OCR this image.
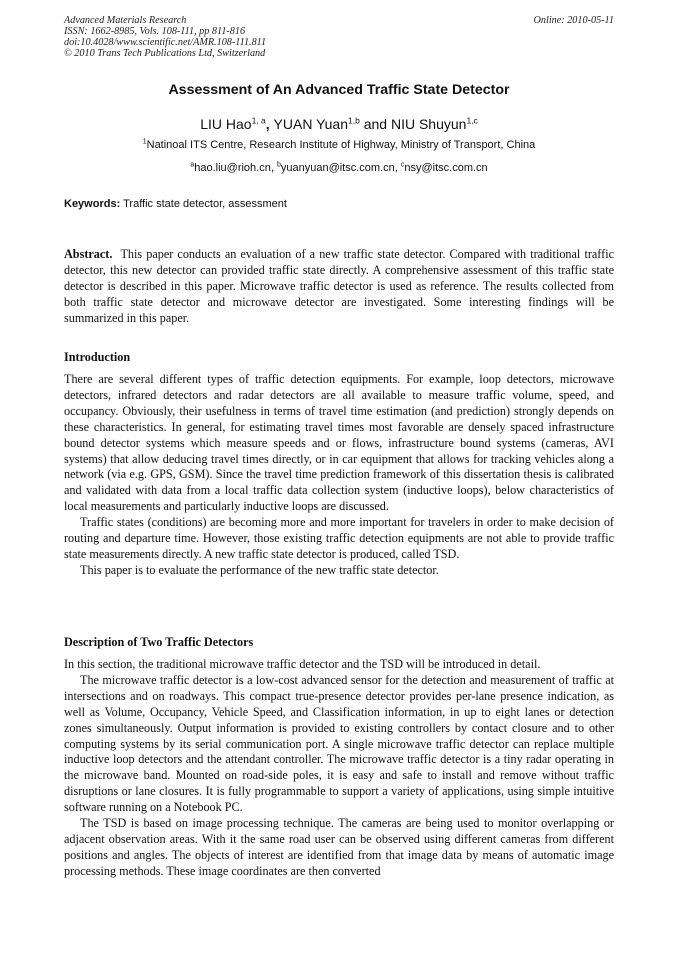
Advanced Materials Research
ISSN: 1662-8985, Vols. 108-111, pp 811-816
doi:10.4028/www.scientific.net/AMR.108-111.811
© 2010 Trans Tech Publications Ltd, Switzerland
Online: 2010-05-11
Assessment of An Advanced Traffic State Detector
LIU Hao$^{1, a}$, YUAN Yuan$^{1,b}$ and NIU Shuyun$^{1,c}$
$^1$Natinoal ITS Centre, Research Institute of Highway, Ministry of Transport, China
$^a$hao.liu@rioh.cn, $^b$yuanyuan@itsc.com.cn, $^c$nsy@itsc.com.cn
Keywords: Traffic state detector, assessment

Abstract.  This paper conducts an evaluation of a new traffic state detector. Compared with traditional traffic detector, this new detector can provided traffic state directly. A comprehensive assessment of this traffic state detector is described in this paper. Microwave traffic detector is used as reference. The results collected from both traffic state detector and microwave detector are investigated. Some interesting findings will be summarized in this paper.

Introduction

There are several different types of traffic detection equipments. For example, loop detectors, microwave detectors, infrared detectors and radar detectors are all available to measure traffic volume, speed, and occupancy. Obviously, their usefulness in terms of travel time estimation (and prediction) strongly depends on these characteristics. In general, for estimating travel times most favorable are densely spaced infrastructure bound detector systems which measure speeds and or flows, infrastructure bound systems (cameras, AVI systems) that allow deducing travel times directly, or in car equipment that allows for tracking vehicles along a network (via e.g. GPS, GSM). Since the travel time prediction framework of this dissertation thesis is calibrated and validated with data from a local traffic data collection system (inductive loops), below characteristics of local measurements and particularly inductive loops are discussed.

Traffic states (conditions) are becoming more and more important for travelers in order to make decision of routing and departure time. However, those existing traffic detection equipments are not able to provide traffic state measurements directly. A new traffic state detector is produced, called TSD.

This paper is to evaluate the performance of the new traffic state detector.

Description of Two Traffic Detectors

In this section, the traditional microwave traffic detector and the TSD will be introduced in detail.

The microwave traffic detector is a low-cost advanced sensor for the detection and measurement of traffic at intersections and on roadways. This compact true-presence detector provides per-lane presence indication, as well as Volume, Occupancy, Vehicle Speed, and Classification information, in up to eight lanes or detection zones simultaneously. Output information is provided to existing controllers by contact closure and to other computing systems by its serial communication port. A single microwave traffic detector can replace multiple inductive loop detectors and the attendant controller. The microwave traffic detector is a tiny radar operating in the microwave band. Mounted on road-side poles, it is easy and safe to install and remove without traffic disruptions or lane closures. It is fully programmable to support a variety of applications, using simple intuitive software running on a Notebook PC.

The TSD is based on image processing technique. The cameras are being used to monitor overlapping or adjacent observation areas. With it the same road user can be observed using different cameras from different positions and angles. The objects of interest are identified from that image data by means of automatic image processing methods. These image coordinates are then converted
